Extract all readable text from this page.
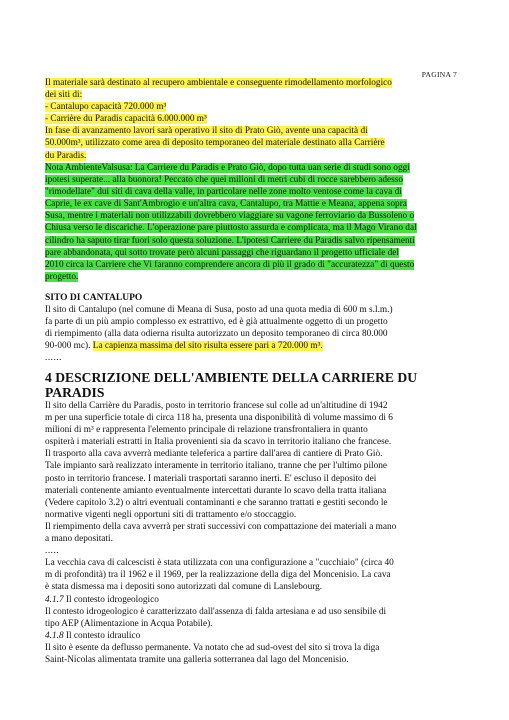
PAGINA 7
Il materiale sarà destinato al recupero ambientale e conseguente rimodellamento morfologico
dei siti di:
- Cantalupo capacità 720.000 m³
- Carrière du Paradis capacità 6.000.000 m³
In fase di avanzamento lavori sarà operativo il sito di Prato Giò, avente una capacità di
50.000m³, utilizzato come area di deposito temporaneo del materiale destinato alla Carrière
du Paradis.
Nota AmbienteValsusa: La Carriere du Paradis e Prato Giò, dopo tutta uan serie di studi sono oggi
ipotesi superate... alla buonora! Peccato che quei milioni di metri cubi di rocce sarebbero adesso
"rimodellate" dui siti di cava della valle, in particolare nelle zone molto ventose come la cava di
Caprie, le ex cave di Sant'Ambrogio e un'altra cava, Cantalupo, tra Mattie e Meana, appena sopra
Susa, mentre i materiali non utilizzabili dovrebbero viaggiare su vagone ferroviario da Bussoleno o
Chiusa verso le discariche. L'operazione pare piuttosto assurda e complicata, ma il Mago Virano dal
cilindro ha saputo tirar fuori solo questa soluzione. L'ipotesi Carriere du Paradis salvo ripensamenti
pare abbandonata, qui sotto trovate però alcuni passaggi che riguardano il progetto ufficiale del
2010 circa la Carriere che Vi faranno comprendere ancora di più il grado di "accuratezza" di questo
progetto.
SITO DI CANTALUPO
Il sito di Cantalupo (nel comune di Meana di Susa, posto ad una quota media di 600 m s.l.m.)
fa parte di un più ampio complesso ex estrattivo, ed è già attualmente oggetto di un progetto
di riempimento (alla data odierna risulta autorizzato un deposito temporaneo di circa 80.000
90-000 mc). La capienza massima del sito risulta essere pari a 720.000 m³.
......
4 DESCRIZIONE DELL'AMBIENTE DELLA CARRIERE DU
PARADIS
Il sito della Carrière du Paradis, posto in territorio francese sul colle ad un'altitudine di 1942
m per una superficie totale di circa 118 ha, presenta una disponibilità di volume massimo di 6
milioni di m³ e rappresenta l'elemento principale di relazione transfrontaliera in quanto
ospiterà i materiali estratti in Italia provenienti sia da scavo in territorio italiano che francese.
Il trasporto alla cava avverrà mediante teleferica a partire dall'area di cantiere di Prato Giò.
Tale impianto sarà realizzato interamente in territorio italiano, tranne che per l'ultimo pilone
posto in territorio francese. I materiali trasportati saranno inerti. E' escluso il deposito dei
materiali contenente amianto eventualmente intercettati durante lo scavo della tratta italiana
(Vedere capitolo 3.2) o altri eventuali contaminanti e che saranno trattati e gestiti secondo le
normative vigenti negli opportuni siti di trattamento e/o stoccaggio.
Il riempimento della cava avverrà per strati successivi con compattazione dei materiali a mano
a mano depositati.
.....
La vecchia cava di calcescisti è stata utilizzata con una configurazione a "cucchiaio" (circa 40
m di profondità) tra il 1962 e il 1969, per la realizzazione della diga del Moncenisio. La cava
è stata dismessa ma i depositi sono autorizzati dal comune di Lanslebourg.
4.1.7 Il contesto idrogeologico
Il contesto idrogeologico è caratterizzato dall'assenza di falda artesiana e ad uso sensibile di
tipo AEP (Alimentazione in Acqua Potabile).
4.1.8 Il contesto idraulico
Il sito è esente da deflusso permanente. Va notato che ad sud-ovest del sito si trova la diga
Saint-Nicolas alimentata tramite una galleria sotterranea dal lago del Moncenisio.
